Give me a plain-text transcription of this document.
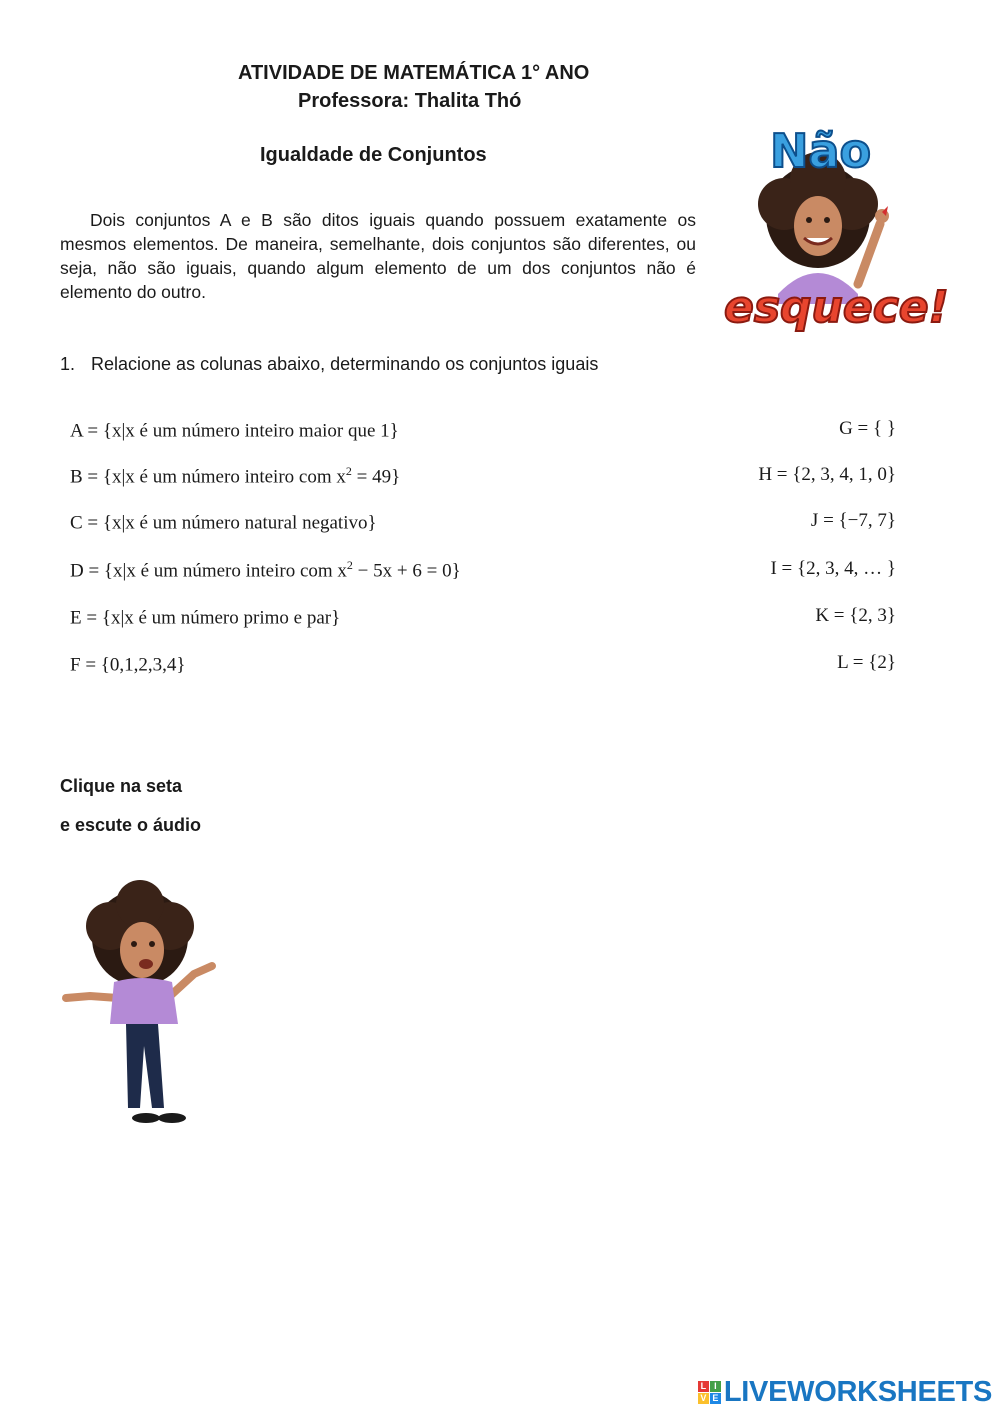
ATIVIDADE DE MATEMÁTICA 1° ANO
Professora: Thalita Thó
Igualdade de Conjuntos
Dois conjuntos A e B são ditos iguais quando possuem exatamente os mesmos elementos. De maneira, semelhante, dois conjuntos são diferentes, ou seja, não são iguais, quando algum elemento de um dos conjuntos não é elemento do outro.
Não
esquece!
1. Relacione as colunas abaixo, determinando os conjuntos iguais
A = {x|x é um número inteiro maior que 1}	G = { }
B = {x|x é um número inteiro com $x^2 = 49$}	H = {2, 3, 4, 1, 0}
C = {x|x é um número natural negativo}	J = {−7, 7}
D = {x|x é um número inteiro com $x^2 - 5x + 6 = 0$}	I = {2, 3, 4, … }
E = {x|x é um número primo e par}	K = {2, 3}
F = {0,1,2,3,4}	L = {2}
Clique na seta
e escute o áudio
L I
V E LIVEWORKSHEETS
